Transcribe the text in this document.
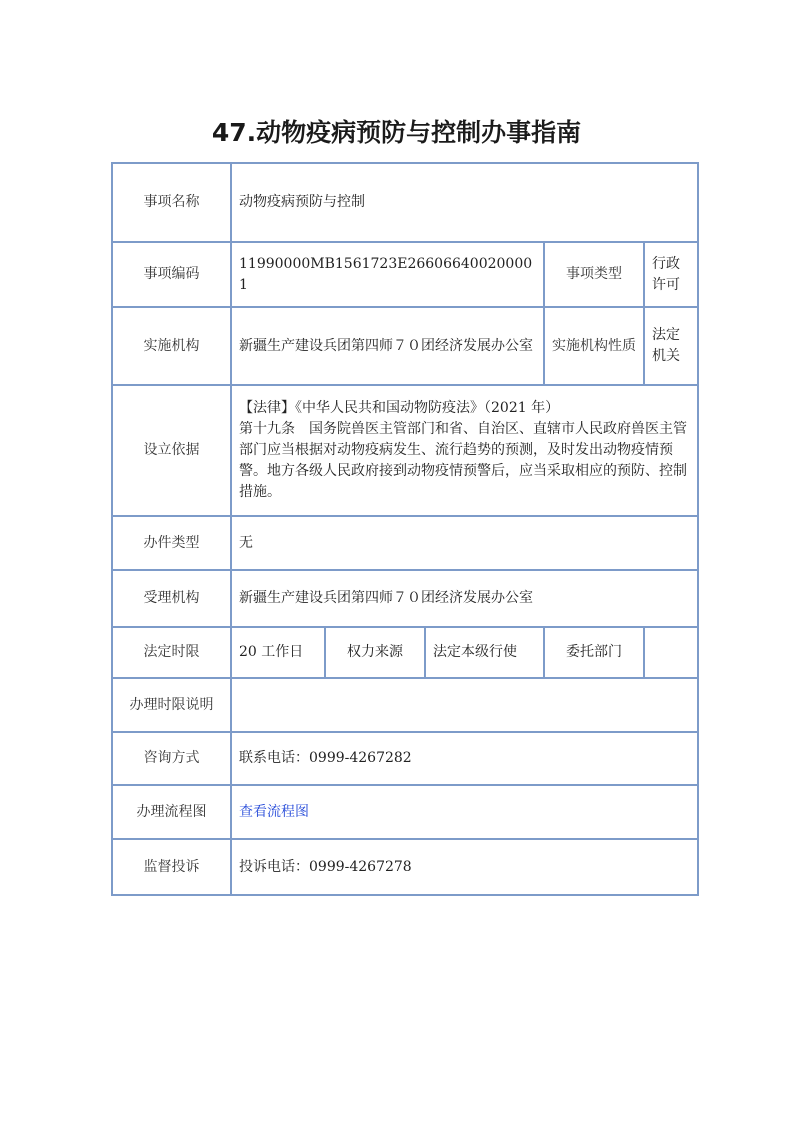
47.动物疫病预防与控制办事指南
事项名称	动物疫病预防与控制				
事项编码	11990000MB1561723E266066400200001			事项类型	行政许可
实施机构	新疆生产建设兵团第四师７０团经济发展办公室			实施机构性质	法定机关
设立依据	【法律】《中华人民共和国动物防疫法》（2021 年）
第十九条　国务院兽医主管部门和省、自治区、直辖市人民政府兽医主管部门应当根据对动物疫病发生、流行趋势的预测，及时发出动物疫情预警。地方各级人民政府接到动物疫情预警后，应当采取相应的预防、控制措施。				

办件类型	无				
受理机构	新疆生产建设兵团第四师７０团经济发展办公室				
法定时限	20 工作日	权力来源	法定本级行使	委托部门	
办理时限说明					
咨询方式	联系电话：0999-4267282				
办理流程图	查看流程图				
监督投诉	投诉电话：0999-4267278				
